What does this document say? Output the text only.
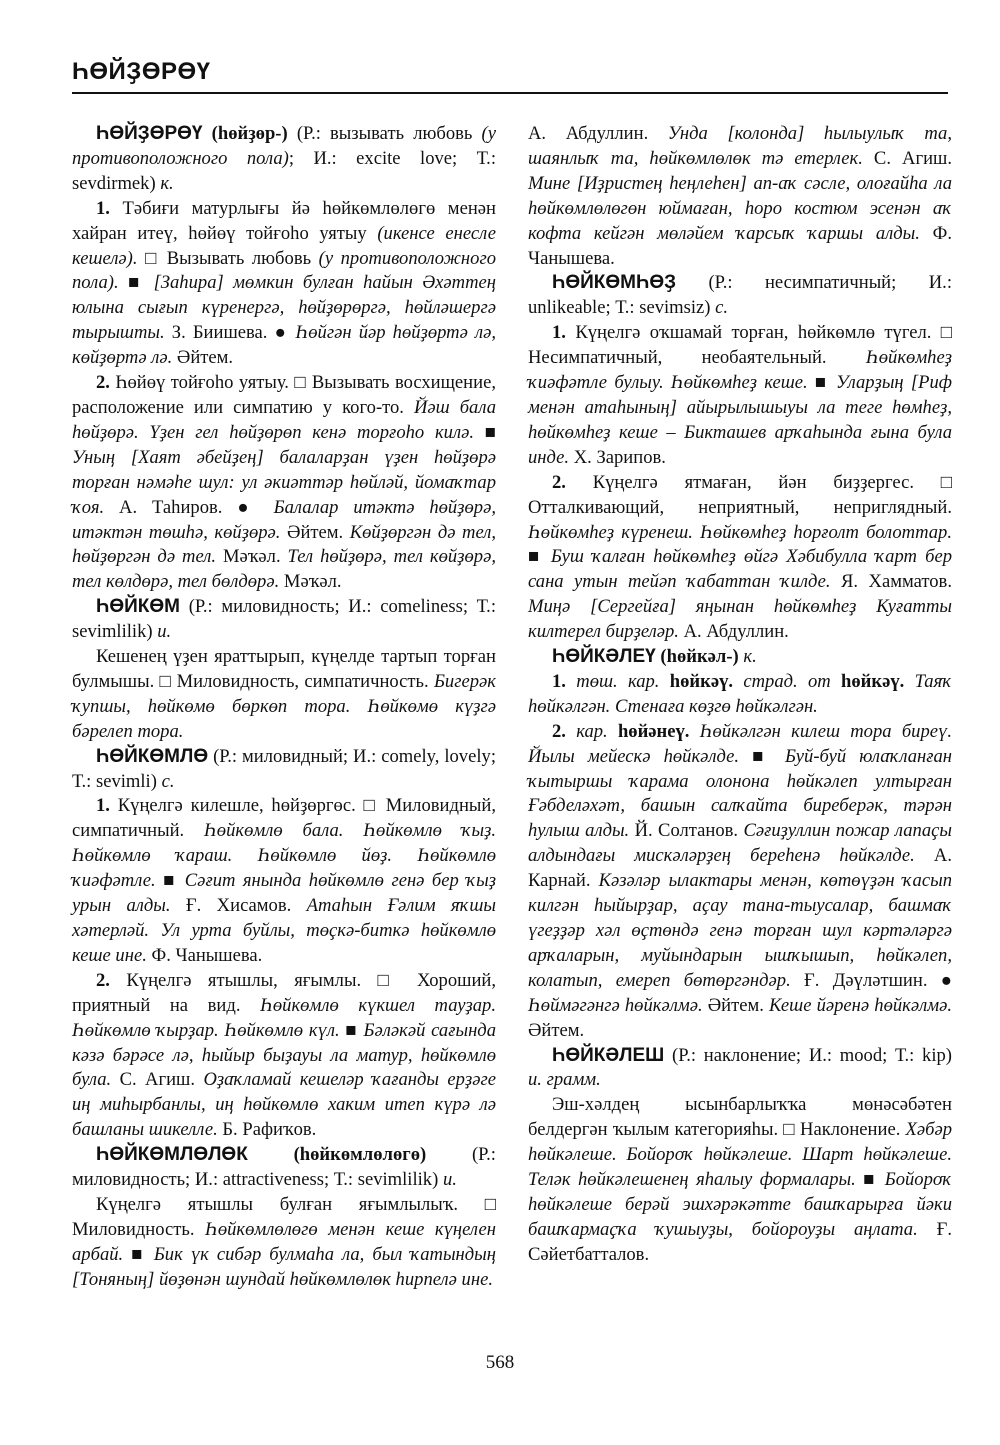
ҺӨЙҘӨРӨҮ

ҺӨЙҘӨРӨҮ (һөйҙөр-) (Р.: вызывать любовь (у противоположного пола); И.: excite love; Т.: sevdirmek) к.

1. Тәбиғи матурлығы йә һөйкөмлөлөгө менән хайран итеү, һөйөү тойғоһо уятыу (икенсе енесле кешелә). □ Вызывать любовь (у противоположного пола). ■ [Заһира] мөмкин булған һайын Әхәттең юлына сығып күренергә, һөйҙөрөргә, һөйләшергә тырышты. З. Биишева. ● Һөйгән йәр һөйҙөртә лә, көйҙөртә лә. Әйтем.

2. Һөйөү тойғоһо уятыу. □ Вызывать восхищение, расположение или симпатию у кого-то. Йәш бала һөйҙөрә. Үҙен гел һөйҙөрөп кенә торғоһо килә. ■ Уның [Хаят әбейҙең] балаларҙан үҙен һөйҙөрә торған нәмәһе шул: ул әкиәттәр һөйләй, йомаҡтар ҡоя. А. Таһиров. ● Балалар итәктә һөйҙөрә, итәктән төшһә, көйҙөрә. Әйтем. Көйҙөргән дә тел, һөйҙөргән дә тел. Мәҡәл. Тел һөйҙөрә, тел көйҙөрә, тел көлдөрә, тел бөлдөрә. Мәҡәл.

ҺӨЙКӨМ (Р.: миловидность; И.: comeliness; Т.: sevimlilik) и.

Кешенең үҙен яраттырып, күңелде тартып торған булмышы. □ Миловидность, симпатичность. Бигерәк ҡупшы, һөйкөмө бөркөп тора. Һөйкөмө күҙгә бәрелеп тора.

ҺӨЙКӨМЛӨ (Р.: миловидный; И.: comely, lovely; Т.: sevimli) с.

1. Күңелгә килешле, һөйҙөргөс. □ Миловидный, симпатичный. Һөйкөмлө бала. Һөйкөмлө ҡыҙ. Һөйкөмлө ҡараш. Һөйкөмлө йөҙ. Һөйкөмлө ҡиәфәтле. ■ Сәғит янында һөйкөмлө генә бер ҡыҙ урын алды. Ғ. Хисамов. Атаһын Ғәлим яҡшы хәтерләй. Ул урта буйлы, төҫкә-биткә һөйкөмлө кеше ине. Ф. Чанышева.

2. Күңелгә ятышлы, яғымлы. □ Хороший, приятный на вид. Һөйкөмлө күкшел тауҙар. Һөйкөмлө ҡырҙар. Һөйкөмлө күл. ■ Бәләкәй сағында кәзә бәрәсе лә, һыйыр быҙауы ла матур, һөйкөмлө була. С. Агиш. Оҙаҡламай кешеләр ҡағанды ерҙәге иң миһырбанлы, иң һөйкөмлө хаким итеп күрә лә башланы шикелле. Б. Рафиҡов.

ҺӨЙКӨМЛӨЛӨК (һөйкөмлөлөгө) (Р.: миловидность; И.: attractiveness; Т.: sevimlilik) и.

Күңелгә ятышлы булған яғымлылыҡ. □ Миловидность. Һөйкөмлөлөгө менән кеше күңелен арбай. ■ Бик үк сибәр булмаһа ла, был ҡатындың [Тоняның] йөҙөнән шундай һөйкөмлөлөк һирпелә ине.

А. Абдуллин. Унда [колонда] һылыулыҡ та, шаянлыҡ та, һөйкөмлөлөк тә етерлек. С. Агиш. Мине [Иҙристең һеңлеһен] ап-аҡ сәсле, олоғайһа ла һөйкөмлөлөгөн юймаған, һоро костюм эсенән аҡ кофта кейгән мөләйем ҡарсыҡ ҡаршы алды. Ф. Чанышева.

ҺӨЙКӨМҺӨҘ (Р.: несимпатичный; И.: unlikeable; Т.: sevimsiz) с.

1. Күңелгә оҡшамай торған, һөйкөмлө түгел. □ Несимпатичный, необаятельный. Һөйкөмһеҙ ҡиәфәтле булыу. Һөйкөмһеҙ кеше. ■ Уларҙың [Риф менән атаһының] айырылышыуы ла теге һөмһеҙ, һөйкөмһеҙ кеше – Бикташев арҡаһында ғына була инде. Х. Зарипов.

2. Күңелгә ятмаған, йән биҙҙергес. □ Отталкивающий, неприятный, неприглядный. Һөйкөмһеҙ күренеш. Һөйкөмһеҙ һорғолт болоттар. ■ Буш ҡалған һөйкөмһеҙ өйгә Хәбибулла ҡарт бер сана утын тейәп ҡабаттан ҡилде. Я. Хамматов. Миңә [Сергейға] яңынан һөйкөмһеҙ Куғатты килтерел бирҙеләр. А. Абдуллин.

ҺӨЙКӘЛЕҮ (һөйкәл-) к.

1. төш. кар. һөйкәү. страд. от һөйкәү. Таяҡ һөйкәлгән. Стенаға көҙгө һөйкәлгән.

2. кар. һөйәнеү. Һөйкәлгән килеш тора биреү. Йылы мейескә һөйкәлде. ■ Буй-буй юлаҡланған ҡытыршы ҡарама олонона һөйкәлеп ултырған Ғәбделәхәт, башын салҡайта биреберәк, тәрән һулыш алды. Й. Солтанов. Сәғиҙуллин пожар лапаҫы алдындағы мискәләрҙең береһенә һөйкәлде. А. Карнай. Кәзәләр ылактары менән, көтөүҙән ҡасып килгән һыйырҙар, аҫау тана-тыусалар, башмаҡ үгеҙҙәр хәл өҫтөндә генә торған шул кәртәләргә арҡаларын, муйындарын ышҡышып, һөйкәлеп, колатып, емереп бөтөргәндәр. Ғ. Дәүләтшин. ● Һөймәгәнгә һөйкәлмә. Әйтем. Кеше йәренә һөйкәлмә. Әйтем.

ҺӨЙКӘЛЕШ (Р.: наклонение; И.: mood; Т.: kip) и. грамм.

Эш-хәлдең ысынбарлыҡҡа мөнәсәбәтен белдергән ҡылым категорияһы. □ Наклонение. Хәбәр һөйкәлеше. Бойороҡ һөйкәлеше. Шарт һөйкәлеше. Теләк һөйкәлешенең яһалыу формалары. ■ Бойороҡ һөйкәлеше берәй эшхәрәкәтте башҡарырға йәки башҡармаҫҡа ҡушыуҙы, бойороуҙы аңлата. Ғ. Сәйетбатталов.

568
